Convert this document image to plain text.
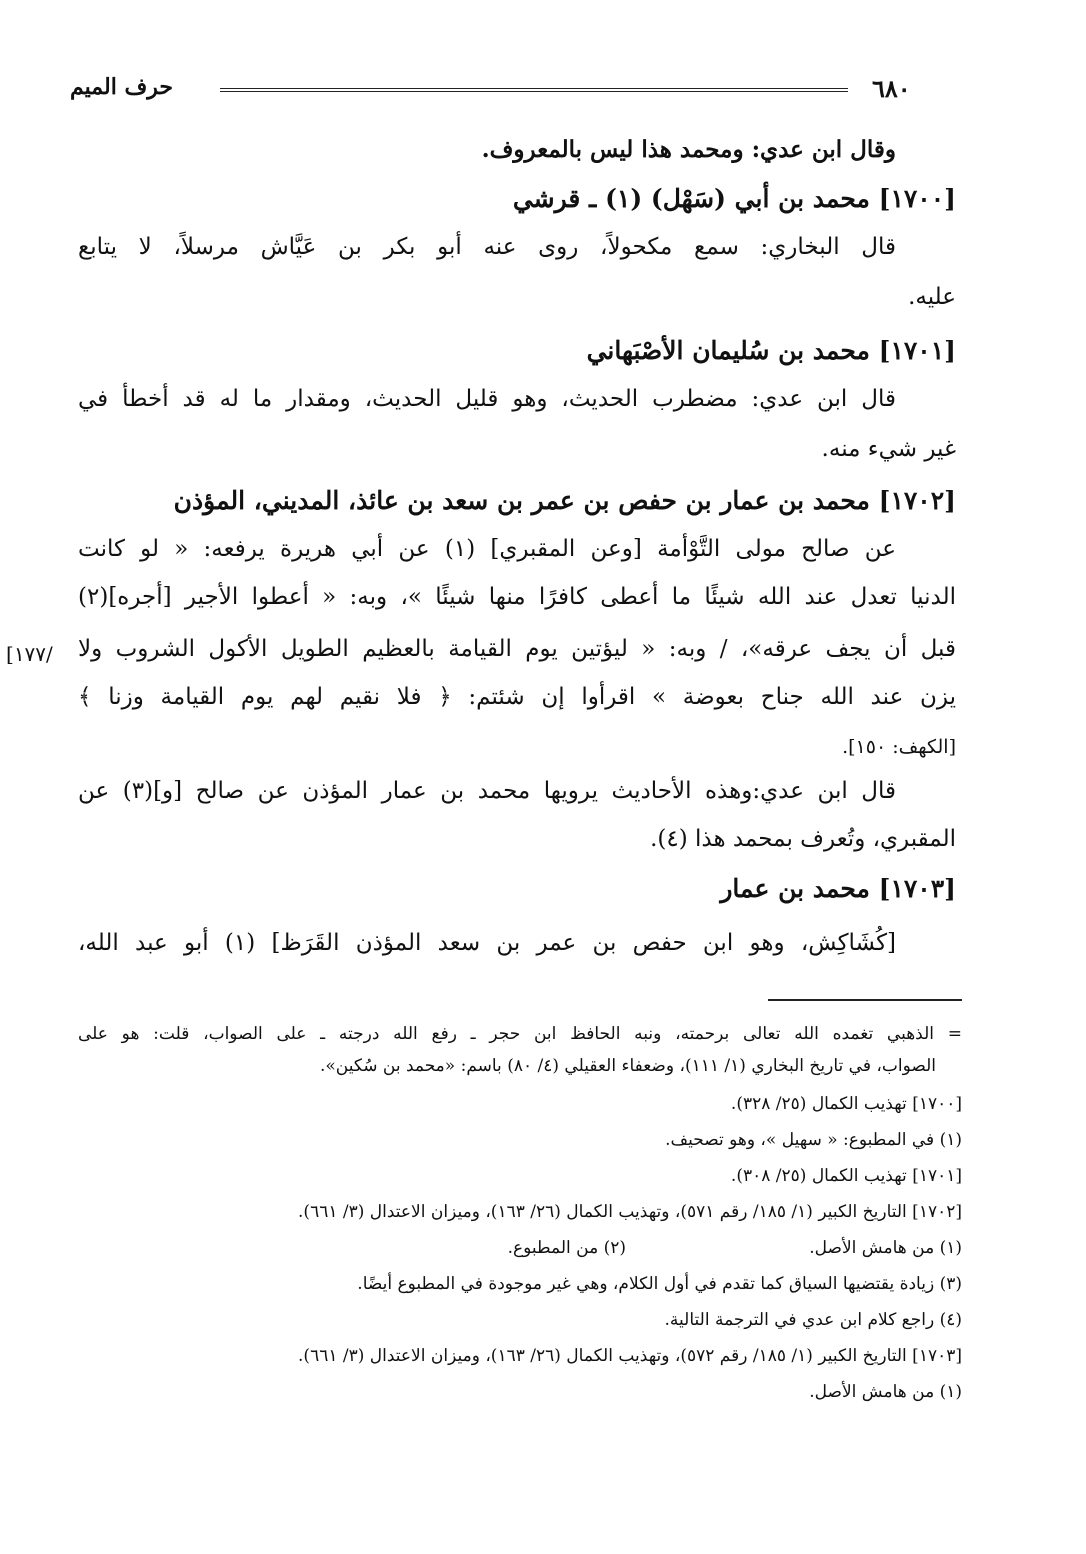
حرف الميم	٦٨٠
وقال ابن عدي: ومحمد هذا ليس بالمعروف.
[١٧٠٠] محمد بن أبي (سَهْل) (١) ـ قرشي
قال البخاري: سمع مكحولاً، روى عنه أبو بكر بن عَيَّاش مرسلاً، لا يتابع
عليه.
[١٧٠١] محمد بن سُليمان الأصْبَهاني
قال ابن عدي: مضطرب الحديث، وهو قليل الحديث، ومقدار ما له قد أخطأ في
غير شيء منه.
[١٧٠٢] محمد بن عمار بن حفص بن عمر بن سعد بن عائذ، المديني، المؤذن
عن صالح مولى التَّوْأمة [وعن المقبري] (١) عن أبي هريرة يرفعه: « لو كانت
الدنيا تعدل عند الله شيئًا ما أعطى كافرًا منها شيئًا »، وبه: « أعطوا الأجير [أجره](٢)
قبل أن يجف عرقه»، / وبه: « ليؤتين يوم القيامة بالعظيم الطويل الأكول الشروب ولا
[١٧٧/
يزن عند الله جناح بعوضة » اقرأوا إن شئتم: ﴿ فلا نقيم لهم يوم القيامة وزنا ﴾
[الكهف: ١٥٠].
قال ابن عدي:وهذه الأحاديث يرويها محمد بن عمار المؤذن عن صالح [و](٣) عن
المقبري، وتُعرف بمحمد هذا (٤).
[١٧٠٣] محمد بن عمار
[كُشَاكِش، وهو ابن حفص بن عمر بن سعد المؤذن القَرَظ] (١) أبو عبد الله،
= الذهبي تغمده الله تعالى برحمته، ونبه الحافظ ابن حجر ـ رفع الله درجته ـ على الصواب، قلت: هو على
الصواب، في تاريخ البخاري (١/ ١١١)، وضعفاء العقيلي (٤/ ٨٠) باسم: «محمد بن سُكين».
[١٧٠٠] تهذيب الكمال (٢٥/ ٣٢٨).
(١) في المطبوع: « سهيل »، وهو تصحيف.
[١٧٠١] تهذيب الكمال (٢٥/ ٣٠٨).
[١٧٠٢] التاريخ الكبير (١/ ١٨٥/ رقم ٥٧١)، وتهذيب الكمال (٢٦/ ١٦٣)، وميزان الاعتدال (٣/ ٦٦١).
(١) من هامش الأصل.
(٢) من المطبوع.
(٣) زيادة يقتضيها السياق كما تقدم في أول الكلام، وهي غير موجودة في المطبوع أيضًا.
(٤) راجع كلام ابن عدي في الترجمة التالية.
[١٧٠٣] التاريخ الكبير (١/ ١٨٥/ رقم ٥٧٢)، وتهذيب الكمال (٢٦/ ١٦٣)، وميزان الاعتدال (٣/ ٦٦١).
(١) من هامش الأصل.
